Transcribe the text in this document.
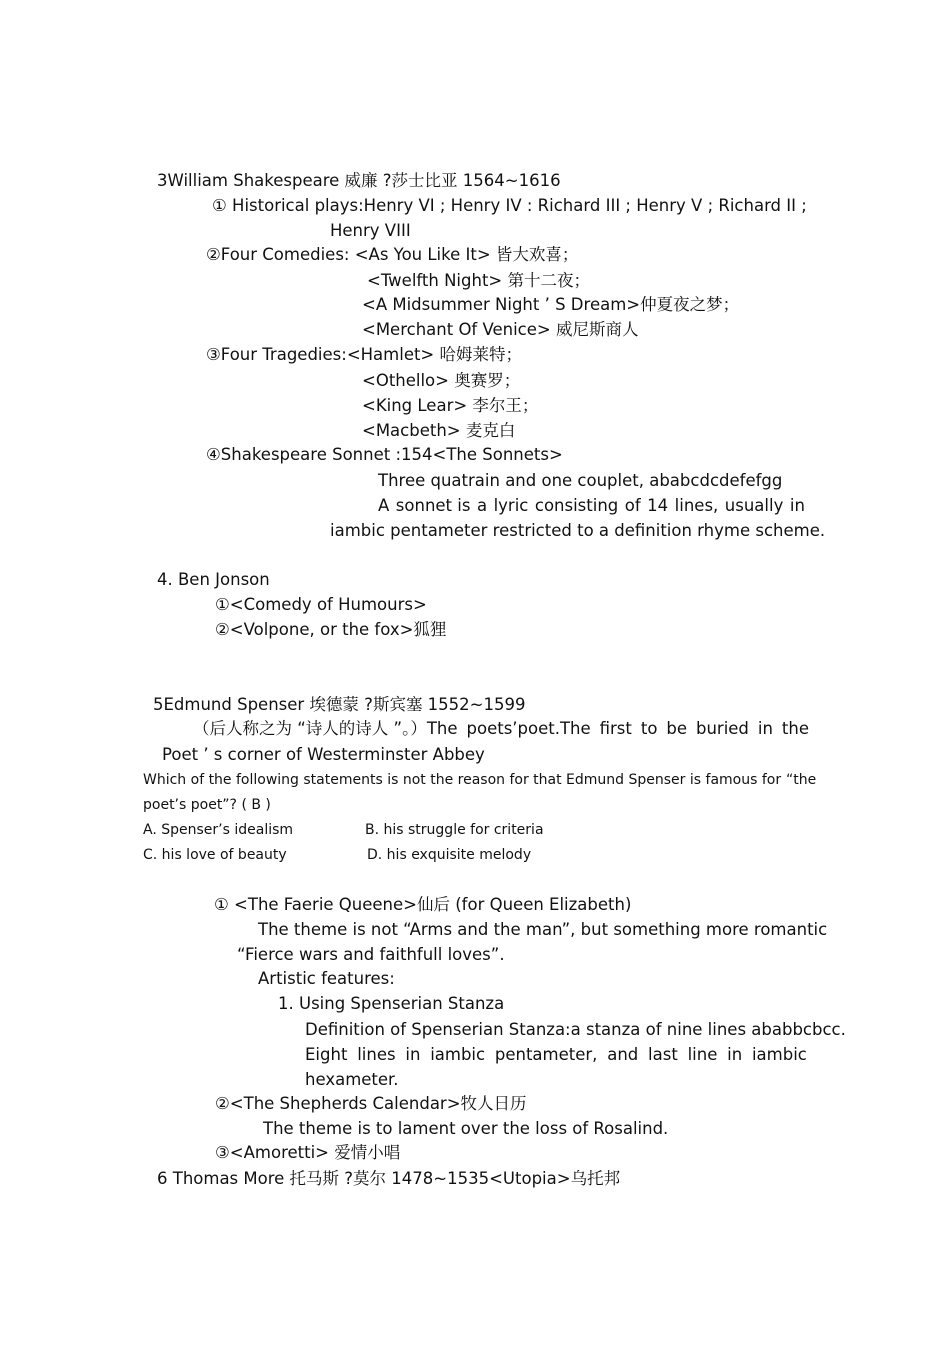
3William Shakespeare 威廉 ?莎士比亚 1564~1616
① Historical plays:Henry VI ; Henry IV : Richard III ; Henry V ; Richard II ;
Henry VIII
②Four Comedies: <As You Like It> 皆大欢喜；
<Twelfth Night> 第十二夜；
<A Midsummer Night ’ S Dream>仲夏夜之梦；
<Merchant Of Venice> 威尼斯商人
③Four Tragedies:<Hamlet> 哈姆莱特；
<Othello> 奥赛罗；
<King Lear> 李尔王；
<Macbeth> 麦克白
④Shakespeare Sonnet :154<The Sonnets>
Three quatrain and one couplet, ababcdcdefefgg
A sonnet is a lyric consisting of 14 lines, usually in
iambic pentameter restricted to a definition rhyme scheme.
4. Ben Jonson
①<Comedy of Humours>
②<Volpone, or the fox>狐狸
5Edmund Spenser 埃德蒙 ?斯宾塞 1552~1599
（后人称之为 “诗人的诗人 ”。）The poets’poet.The first to be buried in the
Poet ’ s corner of Westerminster Abbey
Which of the following statements is not the reason for that Edmund Spenser is famous for “the
poet’s poet”? ( B )
A. Spenser’s idealism	B. his struggle for criteria
C. his love of beauty	D. his exquisite melody
① <The Faerie Queene>仙后 (for Queen Elizabeth)
The theme is not “Arms and the man”, but something more romantic
“Fierce wars and faithfull loves”.
Artistic features:
1. Using Spenserian Stanza
Definition of Spenserian Stanza:a stanza of nine lines ababbcbcc.
Eight lines in iambic pentameter, and last line in iambic
hexameter.
②<The Shepherds Calendar>牧人日历
The theme is to lament over the loss of Rosalind.
③<Amoretti> 爱情小唱
6 Thomas More 托马斯 ?莫尔 1478~1535<Utopia>乌托邦
